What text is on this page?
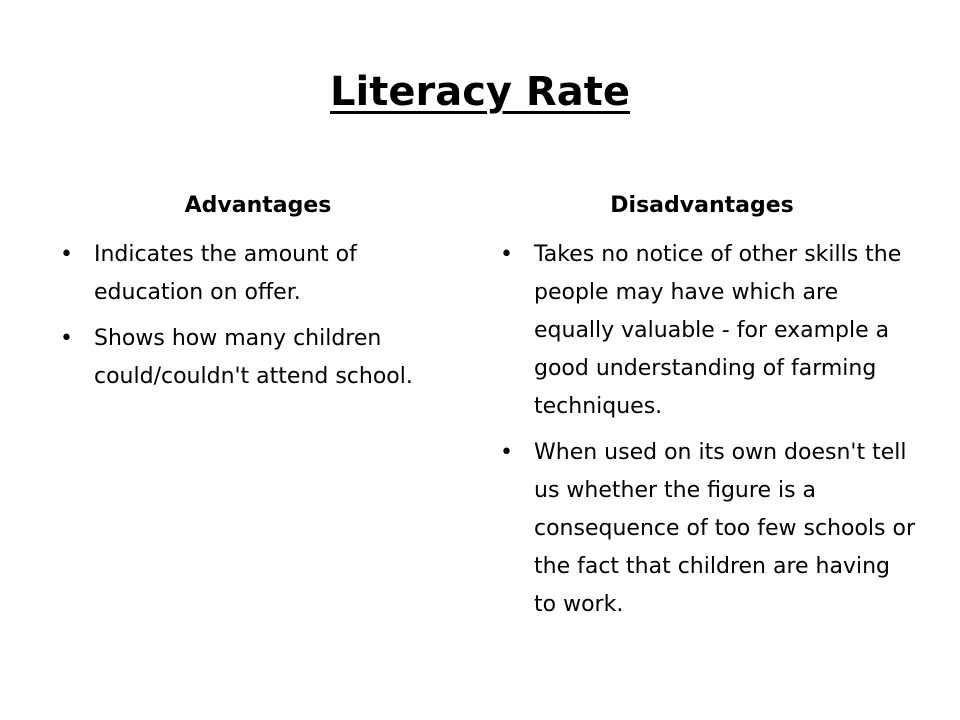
Literacy Rate
Advantages	Disadvantages
• Indicates the amount of education on offer.
• Shows how many children could/couldn't attend school.
• Takes no notice of other skills the people may have which are equally valuable - for example a good understanding of farming techniques.
• When used on its own doesn't tell us whether the figure is a consequence of too few schools or the fact that children are having to work.
